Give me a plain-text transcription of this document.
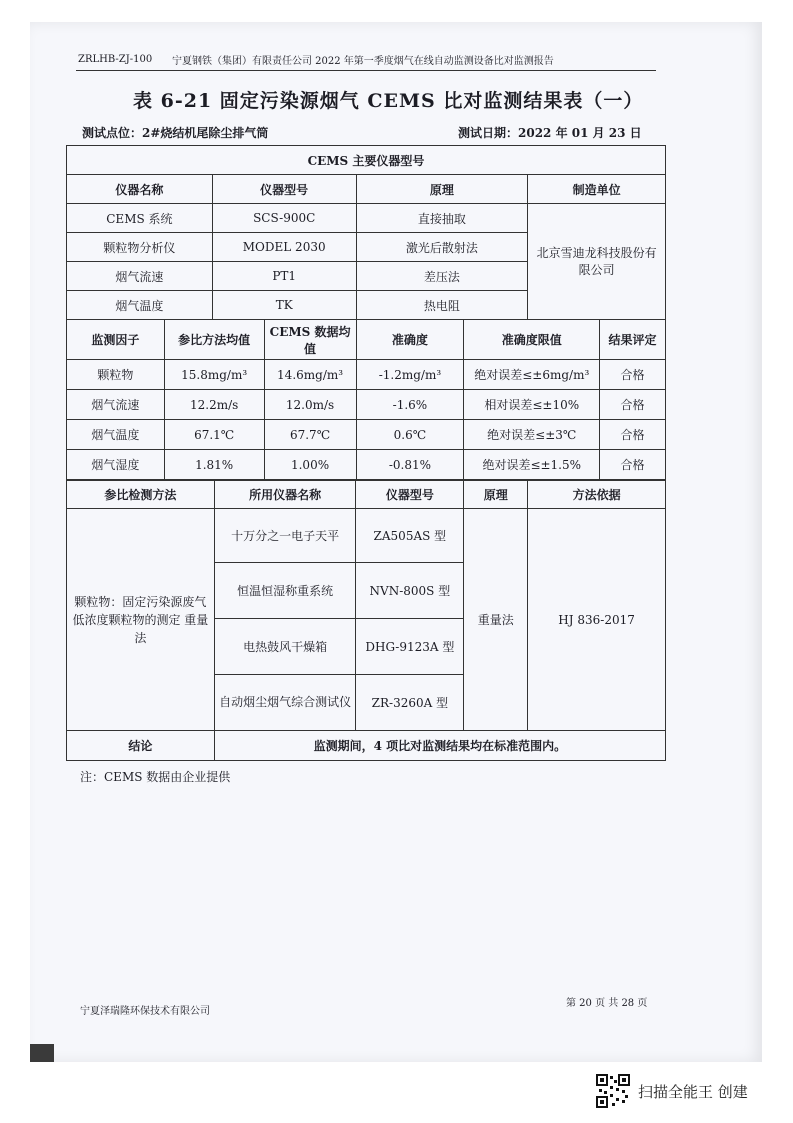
ZRLHB-ZJ-100 宁夏钢铁（集团）有限责任公司 2022 年第一季度烟气在线自动监测设备比对监测报告
表 6-21 固定污染源烟气 CEMS 比对监测结果表（一）
测试点位：2#烧结机尾除尘排气筒	测试日期：2022 年 01 月 23 日
CEMS 主要仪器型号			
仪器名称	仪器型号	原理	制造单位
CEMS 系统	SCS-900C	直接抽取	北京雪迪龙科技股份有限公司
颗粒物分析仪	MODEL 2030	激光后散射法	
烟气流速	PT1	差压法	
烟气温度	TK	热电阻	
监测因子	参比方法均值	CEMS 数据均值	准确度	准确度限值	结果评定
颗粒物	15.8mg/m³	14.6mg/m³	-1.2mg/m³	绝对误差≤±6mg/m³	合格
烟气流速	12.2m/s	12.0m/s	-1.6%	相对误差≤±10%	合格
烟气温度	67.1℃	67.7℃	0.6℃	绝对误差≤±3℃	合格
烟气湿度	1.81%	1.00%	-0.81%	绝对误差≤±1.5%	合格
参比检测方法	所用仪器名称	仪器型号	原理	方法依据
颗粒物：固定污染源废气 低浓度颗粒物的测定 重量法	十万分之一电子天平	ZA505AS 型	重量法	HJ 836-2017
	恒温恒湿称重系统	NVN-800S 型		
	电热鼓风干燥箱	DHG-9123A 型		
	自动烟尘烟气综合测试仪	ZR-3260A 型		
结论	监测期间，4 项比对监测结果均在标准范围内。			
注：CEMS 数据由企业提供
宁夏泽瑞隆环保技术有限公司
第 20 页 共 28 页
扫描全能王 创建
